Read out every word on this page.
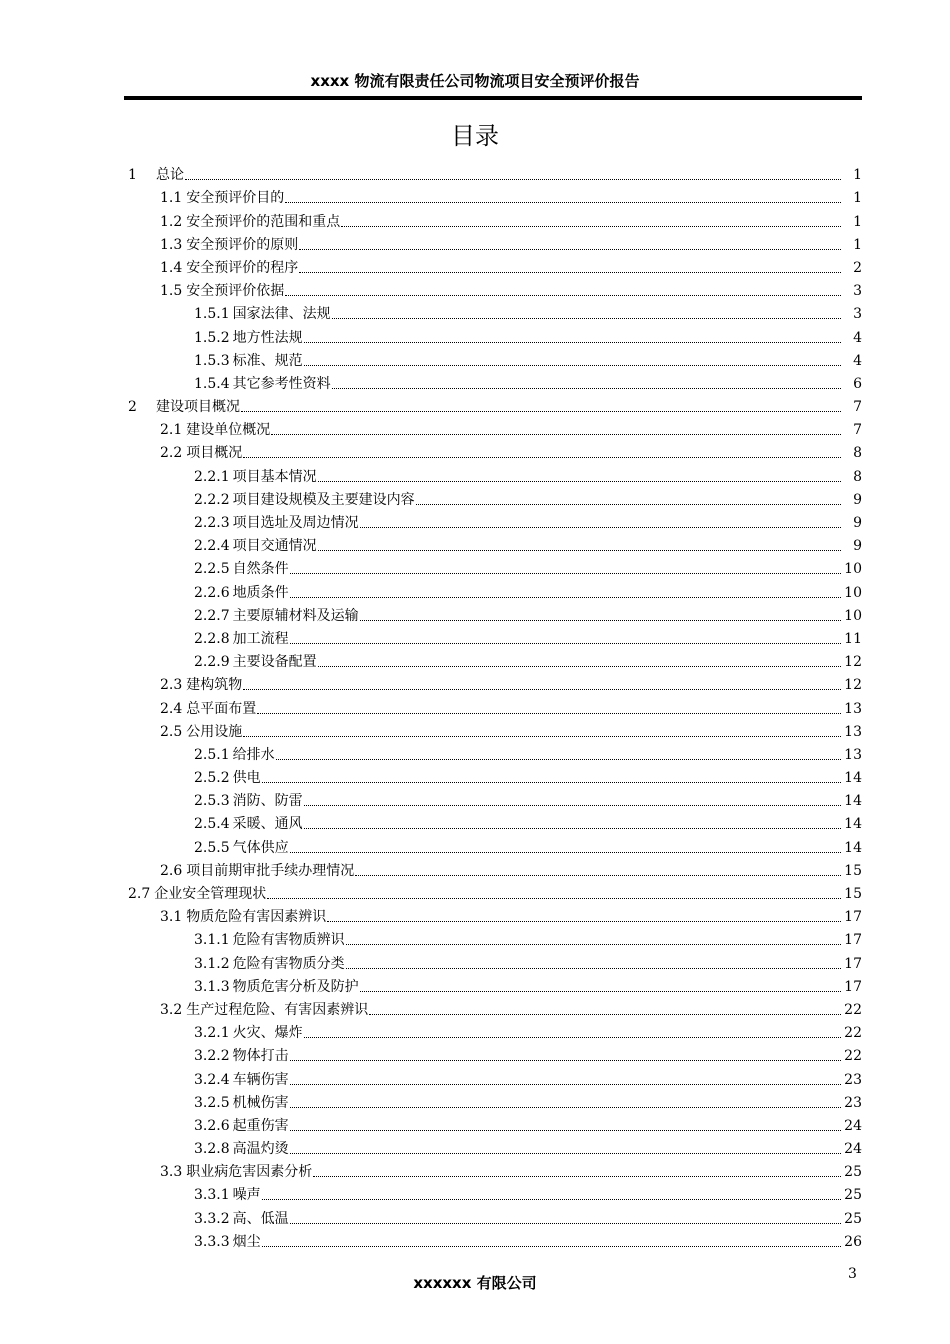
xxxx 物流有限责任公司物流项目安全预评价报告
目录
1	总论	1
1.1 安全预评价目的	1
1.2 安全预评价的范围和重点	1
1.3 安全预评价的原则	1
1.4 安全预评价的程序	2
1.5 安全预评价依据	3
1.5.1 国家法律、法规	3
1.5.2 地方性法规	4
1.5.3 标准、规范	4
1.5.4 其它参考性资料	6
2	建设项目概况	7
2.1 建设单位概况	7
2.2 项目概况	8
2.2.1 项目基本情况	8
2.2.2 项目建设规模及主要建设内容	9
2.2.3 项目选址及周边情况	9
2.2.4 项目交通情况	9
2.2.5 自然条件	10
2.2.6 地质条件	10
2.2.7 主要原辅材料及运输	10
2.2.8 加工流程	11
2.2.9 主要设备配置	12
2.3 建构筑物	12
2.4 总平面布置	13
2.5 公用设施	13
2.5.1 给排水	13
2.5.2 供电	14
2.5.3 消防、防雷	14
2.5.4 采暖、通风	14
2.5.5 气体供应	14
2.6 项目前期审批手续办理情况	15
2.7 企业安全管理现状	15
3.1 物质危险有害因素辨识	17
3.1.1 危险有害物质辨识	17
3.1.2 危险有害物质分类	17
3.1.3 物质危害分析及防护	17
3.2 生产过程危险、有害因素辨识	22
3.2.1 火灾、爆炸	22
3.2.2 物体打击	22
3.2.4 车辆伤害	23
3.2.5 机械伤害	23
3.2.6 起重伤害	24
3.2.8 高温灼烫	24
3.3 职业病危害因素分析	25
3.3.1 噪声	25
3.3.2 高、低温	25
3.3.3 烟尘	26
xxxxxx 有限公司	3
